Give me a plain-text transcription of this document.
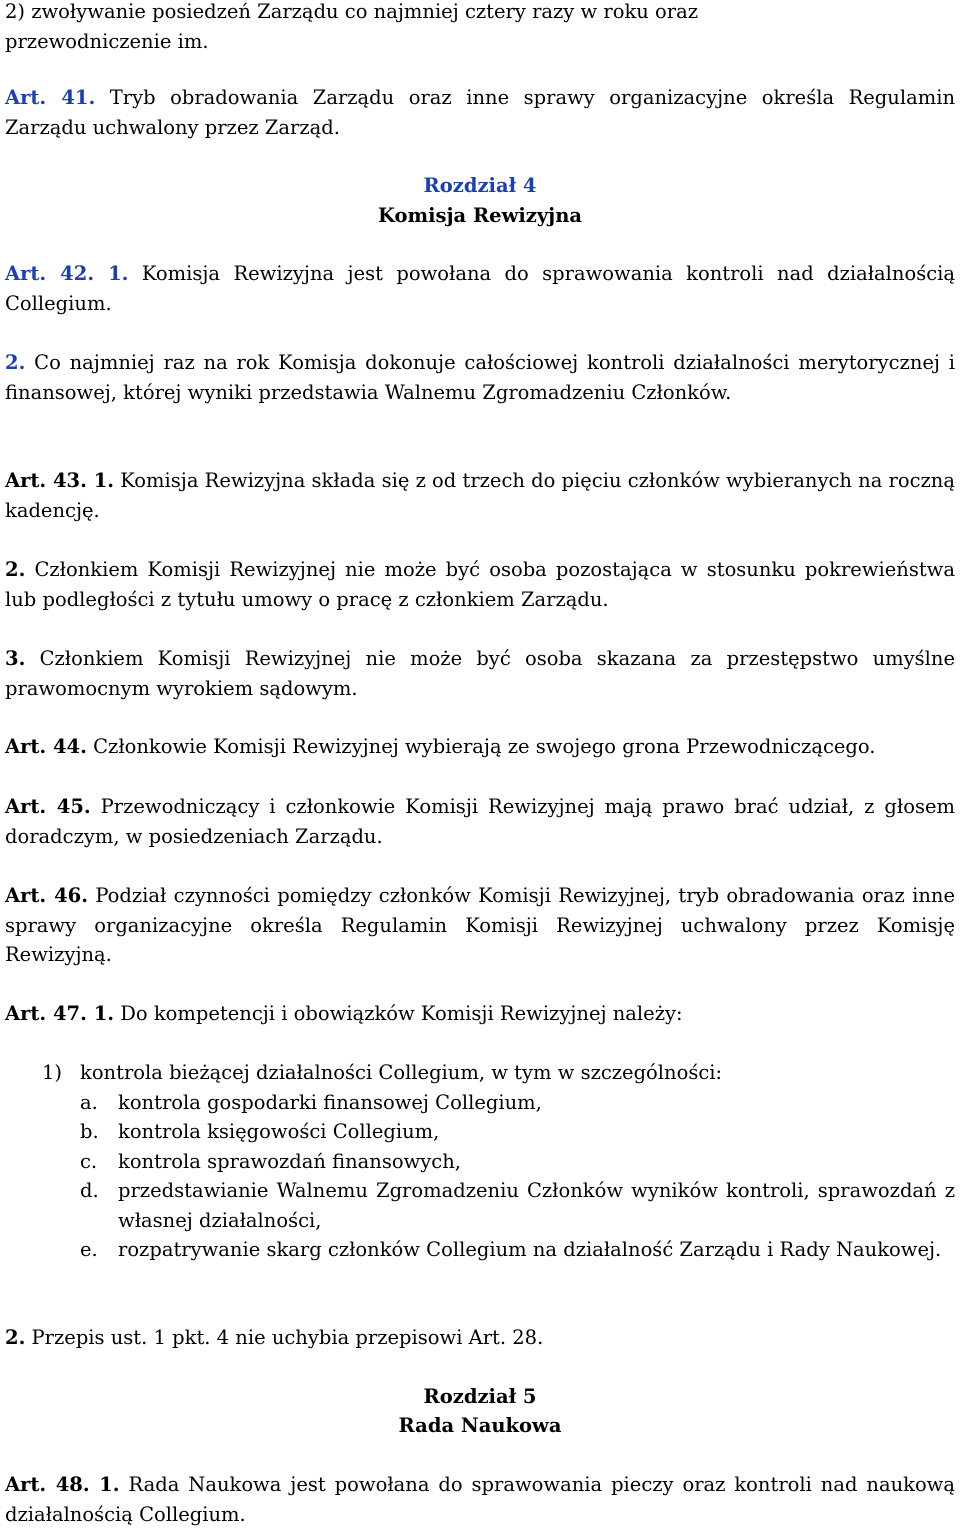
2) zwoływanie posiedzeń Zarządu co najmniej cztery razy w roku oraz
przewodniczenie im.

Art. 41. Tryb obradowania Zarządu oraz inne sprawy organizacyjne określa Regulamin Zarządu uchwalony przez Zarząd.

Rozdział 4

Komisja Rewizyjna

Art. 42. 1. Komisja Rewizyjna jest powołana do sprawowania kontroli nad działalnością Collegium.

2. Co najmniej raz na rok Komisja dokonuje całościowej kontroli działalności merytorycznej i finansowej, której wyniki przedstawia Walnemu Zgromadzeniu Członków.

Art. 43. 1. Komisja Rewizyjna składa się z od trzech do pięciu członków wybieranych na roczną kadencję.

2. Członkiem Komisji Rewizyjnej nie może być osoba pozostająca w stosunku pokrewieństwa lub podległości z tytułu umowy o pracę z członkiem Zarządu.

3. Członkiem Komisji Rewizyjnej nie może być osoba skazana za przestępstwo umyślne prawomocnym wyrokiem sądowym.

Art. 44. Członkowie Komisji Rewizyjnej wybierają ze swojego grona Przewodniczącego.

Art. 45. Przewodniczący i członkowie Komisji Rewizyjnej mają prawo brać udział, z głosem doradczym, w posiedzeniach Zarządu.

Art. 46. Podział czynności pomiędzy członków Komisji Rewizyjnej, tryb obradowania oraz inne sprawy organizacyjne określa Regulamin Komisji Rewizyjnej uchwalony przez Komisję Rewizyjną.

Art. 47. 1. Do kompetencji i obowiązków Komisji Rewizyjnej należy:

1) kontrola bieżącej działalności Collegium, w tym w szczególności:
a. kontrola gospodarki finansowej Collegium,
b. kontrola księgowości Collegium,
c. kontrola sprawozdań finansowych,
d. przedstawianie Walnemu Zgromadzeniu Członków wyników kontroli, sprawozdań z własnej działalności,
e. rozpatrywanie skarg członków Collegium na działalność Zarządu i Rady Naukowej.

2. Przepis ust. 1 pkt. 4 nie uchybia przepisowi Art. 28.

Rozdział 5

Rada Naukowa

Art. 48. 1. Rada Naukowa jest powołana do sprawowania pieczy oraz kontroli nad naukową działalnością Collegium.
